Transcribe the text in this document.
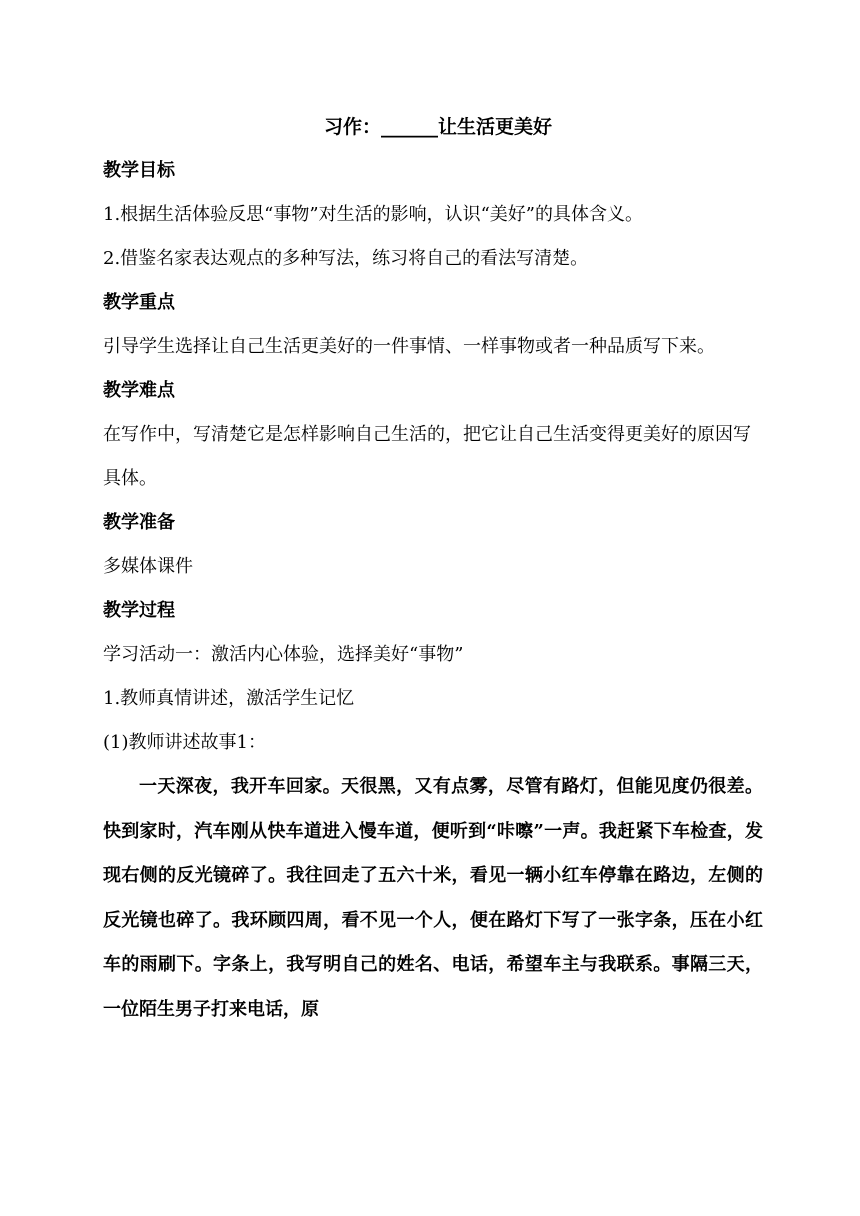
习作：______让生活更美好
教学目标
1.根据生活体验反思“事物”对生活的影响，认识“美好”的具体含义。
2.借鉴名家表达观点的多种写法，练习将自己的看法写清楚。
教学重点
引导学生选择让自己生活更美好的一件事情、一样事物或者一种品质写下来。
教学难点
在写作中，写清楚它是怎样影响自己生活的，把它让自己生活变得更美好的原因写具体。
教学准备
多媒体课件
教学过程
学习活动一：激活内心体验，选择美好“事物”
1.教师真情讲述，激活学生记忆
(1)教师讲述故事1：
一天深夜，我开车回家。天很黑，又有点雾，尽管有路灯，但能见度仍很差。快到家时，汽车刚从快车道进入慢车道，便听到“咔嚓”一声。我赶紧下车检查，发现右侧的反光镜碎了。我往回走了五六十米，看见一辆小红车停靠在路边，左侧的反光镜也碎了。我环顾四周，看不见一个人，便在路灯下写了一张字条，压在小红车的雨刷下。字条上，我写明自己的姓名、电话，希望车主与我联系。事隔三天，一位陌生男子打来电话，原
